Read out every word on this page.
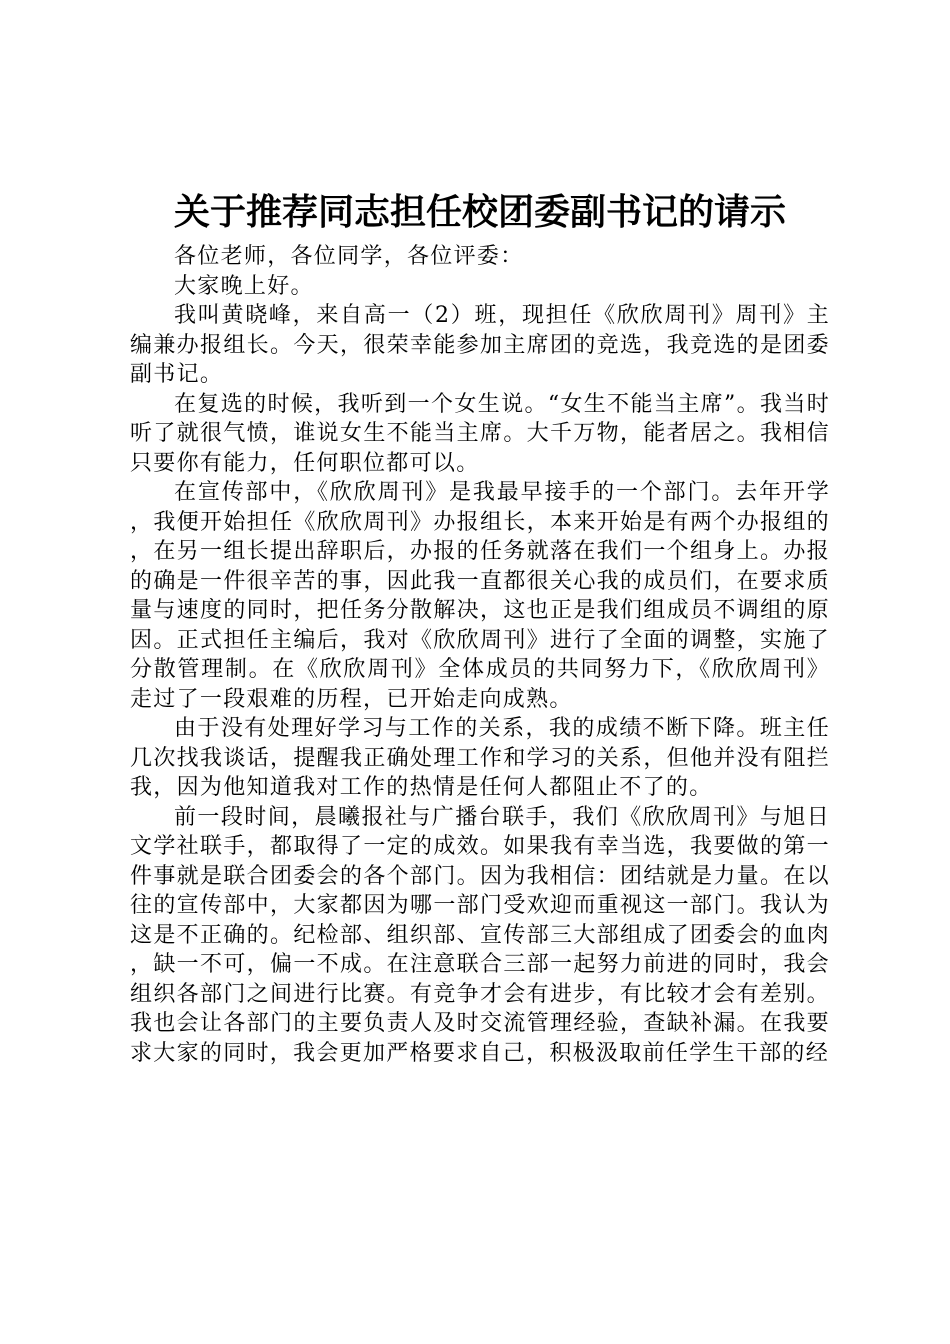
关于推荐同志担任校团委副书记的请示

各位老师，各位同学，各位评委：

大家晚上好。

我叫黄晓峰，来自高一（2）班，现担任《欣欣周刊》周刊》主编兼办报组长。今天，很荣幸能参加主席团的竞选，我竞选的是团委副书记。

在复选的时候，我听到一个女生说。“女生不能当主席”。我当时听了就很气愤，谁说女生不能当主席。大千万物，能者居之。我相信只要你有能力，任何职位都可以。

在宣传部中，《欣欣周刊》是我最早接手的一个部门。去年开学，我便开始担任《欣欣周刊》办报组长，本来开始是有两个办报组的，在另一组长提出辞职后，办报的任务就落在我们一个组身上。办报的确是一件很辛苦的事，因此我一直都很关心我的成员们，在要求质量与速度的同时，把任务分散解决，这也正是我们组成员不调组的原因。正式担任主编后，我对《欣欣周刊》进行了全面的调整，实施了分散管理制。在《欣欣周刊》全体成员的共同努力下，《欣欣周刊》走过了一段艰难的历程，已开始走向成熟。

由于没有处理好学习与工作的关系，我的成绩不断下降。班主任几次找我谈话，提醒我正确处理工作和学习的关系，但他并没有阻拦我，因为他知道我对工作的热情是任何人都阻止不了的。

前一段时间，晨曦报社与广播台联手，我们《欣欣周刊》与旭日文学社联手，都取得了一定的成效。如果我有幸当选，我要做的第一件事就是联合团委会的各个部门。因为我相信：团结就是力量。在以往的宣传部中，大家都因为哪一部门受欢迎而重视这一部门。我认为这是不正确的。纪检部、组织部、宣传部三大部组成了团委会的血肉，缺一不可，偏一不成。在注意联合三部一起努力前进的同时，我会组织各部门之间进行比赛。有竞争才会有进步，有比较才会有差别。我也会让各部门的主要负责人及时交流管理经验，查缺补漏。在我要求大家的同时，我会更加严格要求自己，积极汲取前任学生干部的经
